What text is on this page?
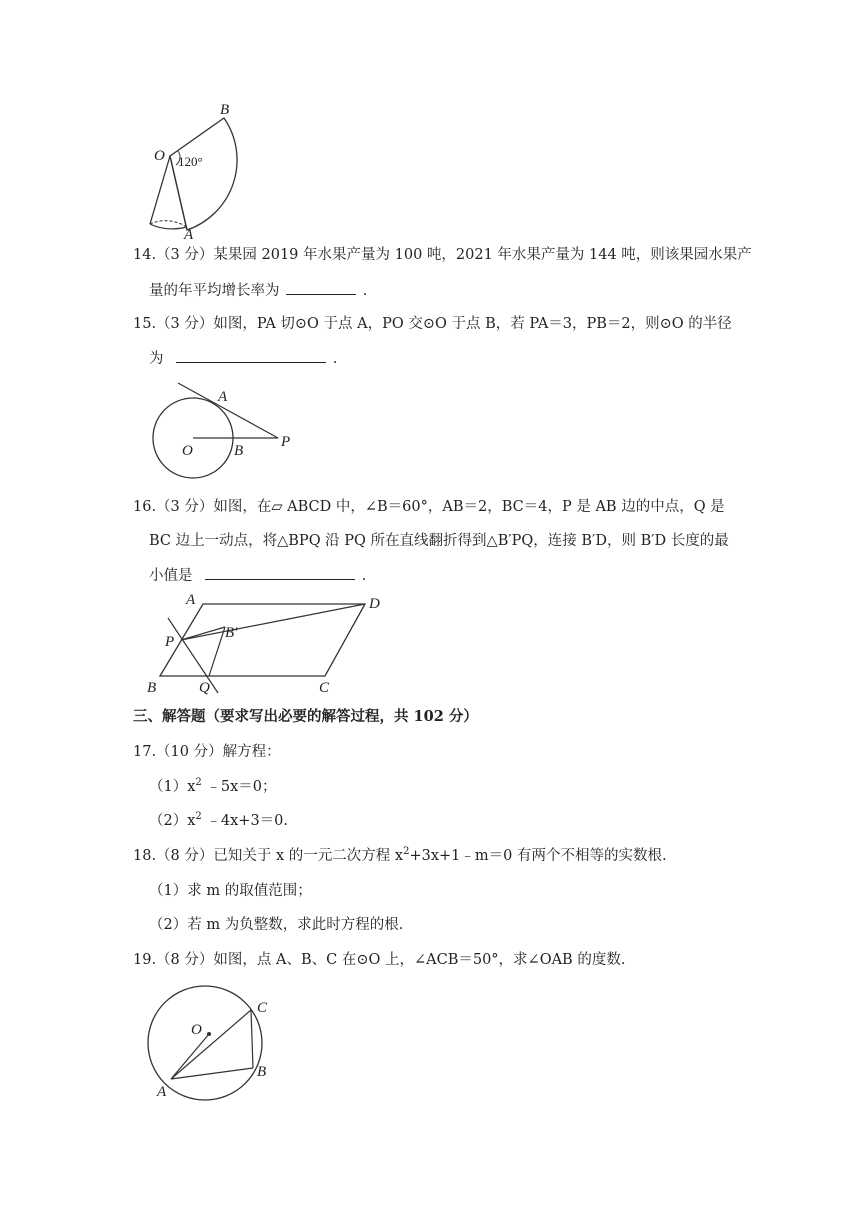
O
B
A
120°
14.（3 分）某果园 2019 年水果产量为 100 吨，2021 年水果产量为 144 吨，则该果园水果产
量的年平均增长率为	.
15.（3 分）如图，PA 切⊙O 于点 A，PO 交⊙O 于点 B，若 PA＝3，PB＝2，则⊙O 的半径
为	.
A
O	B
P
16.（3 分）如图，在▱ ABCD 中，∠B＝60°，AB＝2，BC＝4，P 是 AB 边的中点，Q 是
BC 边上一动点，将△BPQ 沿 PQ 所在直线翻折得到△B′PQ，连接 B′D，则 B′D 长度的最
小值是	.
A	D
P
B′
B	Q	C
三、解答题（要求写出必要的解答过程，共 102 分）
17.（10 分）解方程：
$(1)x^2$ ﹣5x＝0；
$(2)x^2$ ﹣4x+3＝0.
18.（8 分）已知关于 x 的一元二次方程 $x^2+3x+1﹣m=0$ 有两个不相等的实数根.
（1）求 m 的取值范围；
（2）若 m 为负整数，求此时方程的根.
19.（8 分）如图，点 A、B、C 在⊙O 上，∠ACB＝50°，求∠OAB 的度数.
C
O
B
A
